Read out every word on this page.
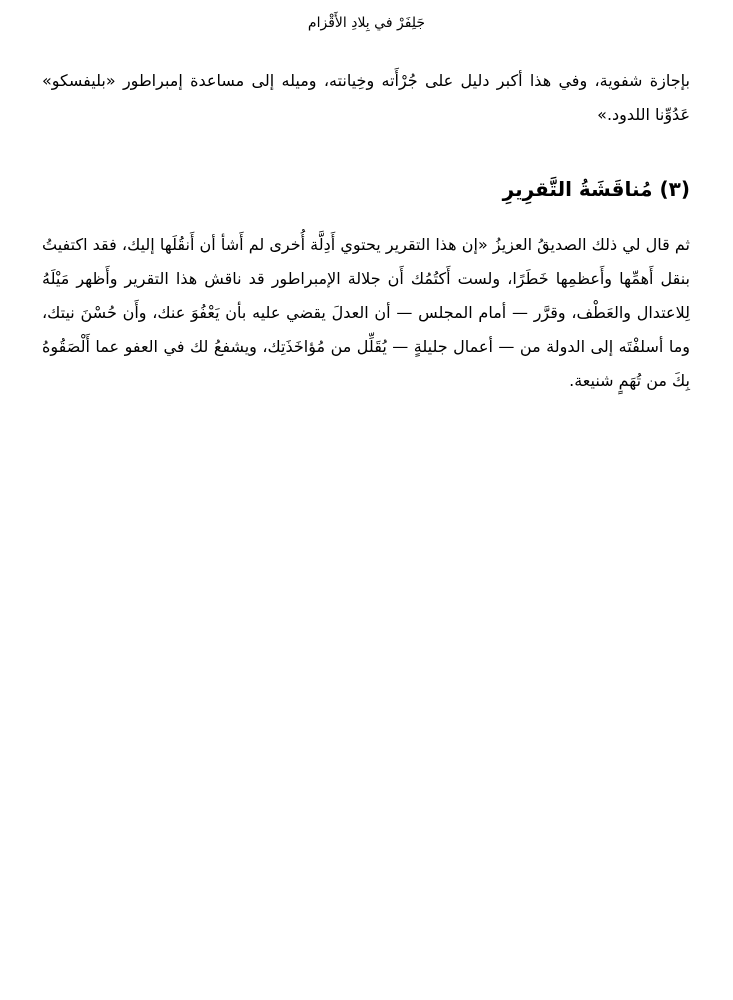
جَلِفَرْ في بِلادِ الأَقْزام

بإجازة شفوية، وفي هذا أكبر دليل على جُرْأَته وخِيانته، وميله إلى مساعدة إمبراطور «بليفسكو» عَدُوِّنا اللدود.»

(٣) مُناقَشَةُ التَّقرِيرِ

ثم قال لي ذلك الصديقُ العزيزُ «إن هذا التقرير يحتوي أَدِلَّة أُخرى لم أَشأ أن أَنقُلَها إليك، فقد اكتفيتُ بنقل أَهمِّها وأَعظمِها خَطَرًا، ولست أَكتُمُك أَن جلالة الإمبراطور قد ناقش هذا التقرير وأَظهر مَيْلَهُ لِلاعتدال والعَطْف، وقرَّر — أمام المجلس — أن العدلَ يقضي عليه بأن يَعْفُوَ عنك، وأَن حُسْنَ نيتك، وما أسلفْتَه إلى الدولة من — أعمال جليلةٍ — يُقَلِّل من مُؤاخَذَتِك، ويشفعُ لك في العفو عما أَلْصَقُوهُ بِكَ من تُهَمٍ شنيعة.
